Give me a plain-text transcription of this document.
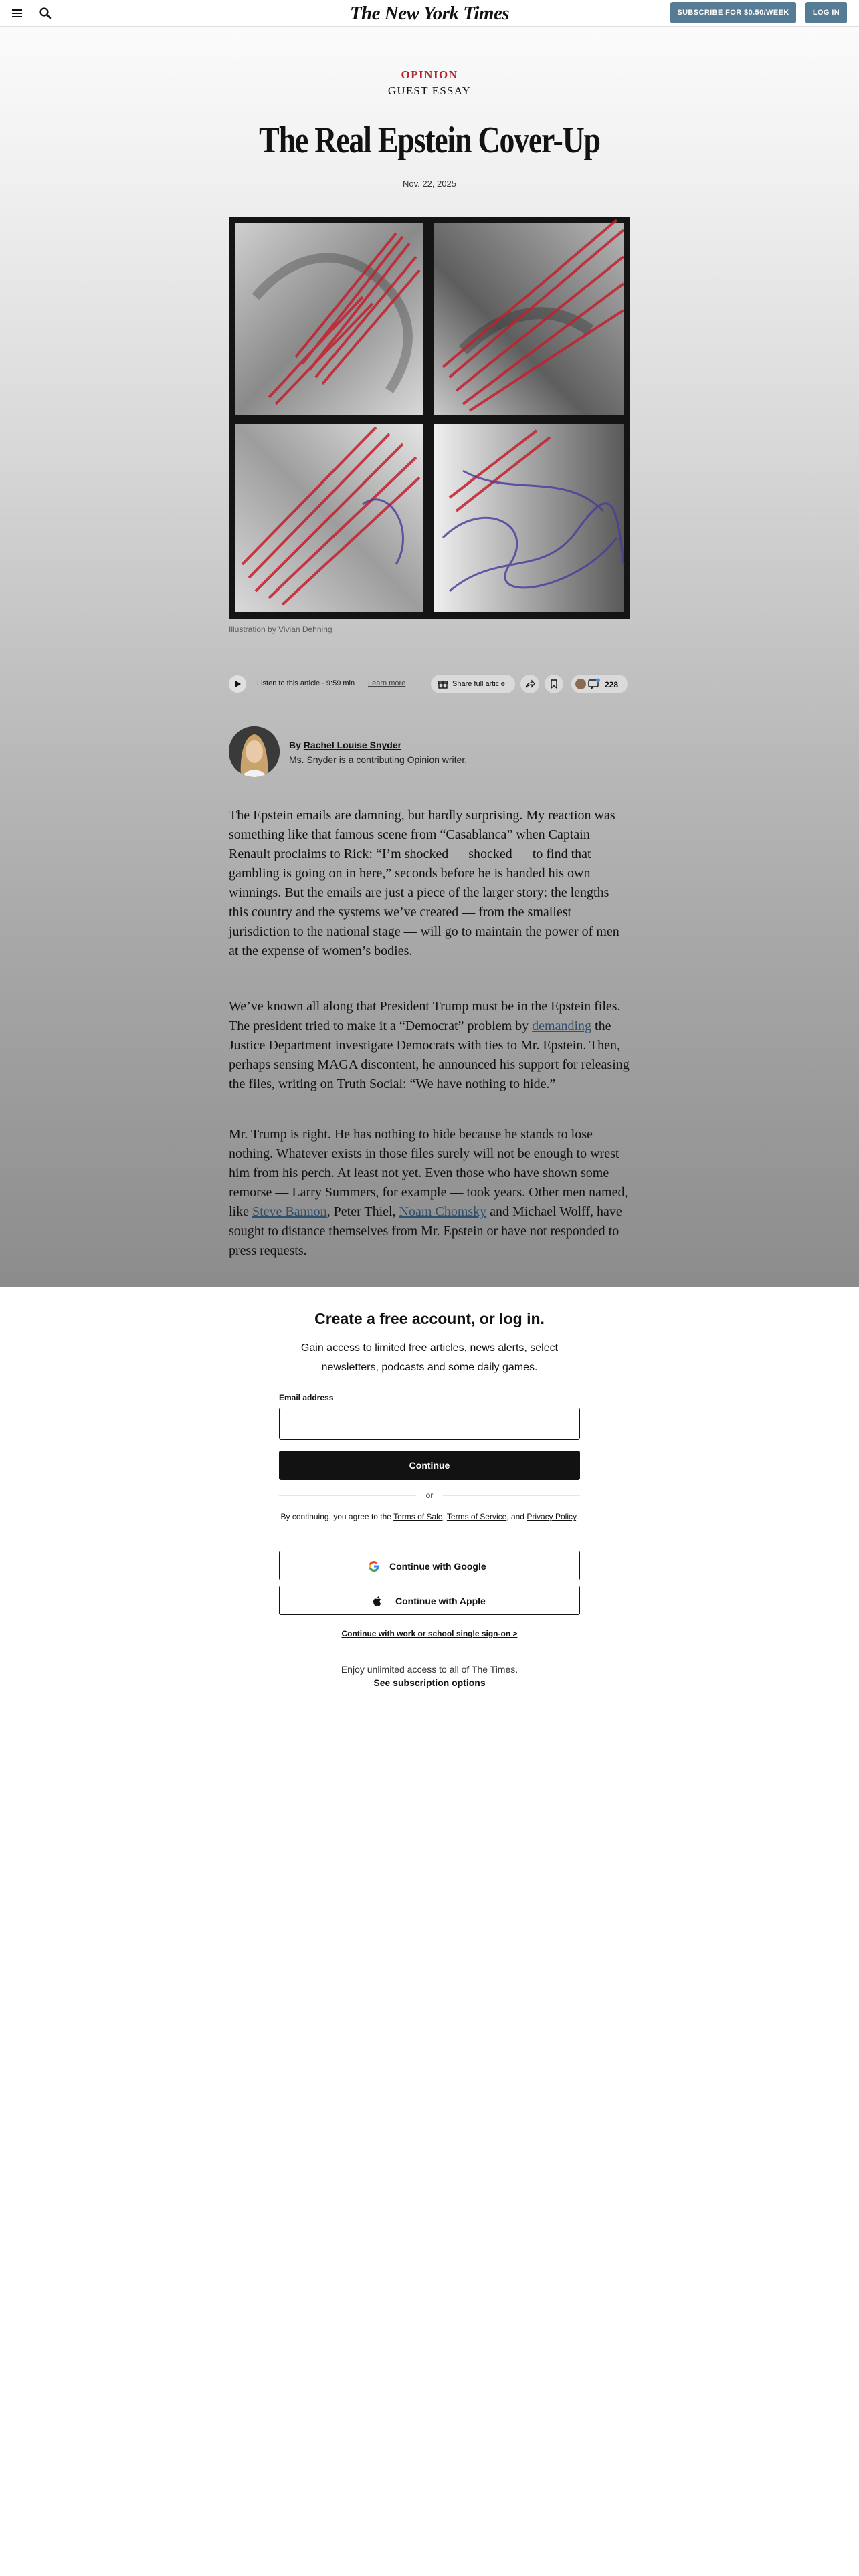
The New York Times	SUBSCRIBE FOR $0.50/WEEK	LOG IN
OPINION
GUEST ESSAY
The Real Epstein Cover-Up
Nov. 22, 2025
Illustration by Vivian Dehning
Listen to this article · 9:59 min Learn more	Share full article	228
By Rachel Louise Snyder
Ms. Snyder is a contributing Opinion writer.

The Epstein emails are damning, but hardly surprising. My reaction was something like that famous scene from “Casablanca” when Captain Renault proclaims to Rick: “I’m shocked — shocked — to find that gambling is going on in here,” seconds before he is handed his own winnings. But the emails are just a piece of the larger story: the lengths this country and the systems we’ve created — from the smallest jurisdiction to the national stage — will go to maintain the power of men at the expense of women’s bodies.

We’ve known all along that President Trump must be in the Epstein files. The president tried to make it a “Democrat” problem by demanding the Justice Department investigate Democrats with ties to Mr. Epstein. Then, perhaps sensing MAGA discontent, he announced his support for releasing the files, writing on Truth Social: “We have nothing to hide.”

Mr. Trump is right. He has nothing to hide because he stands to lose nothing. Whatever exists in those files surely will not be enough to wrest him from his perch. At least not yet. Even those who have shown some remorse — Larry Summers, for example — took years. Other men named, like Steve Bannon, Peter Thiel, Noam Chomsky and Michael Wolff, have sought to distance themselves from Mr. Epstein or have not responded to press requests.

Create a free account, or log in.

Gain access to limited free articles, news alerts, select newsletters, podcasts and some daily games.

Email address
Continue
or
By continuing, you agree to the Terms of Sale, Terms of Service, and Privacy Policy.
Continue with Google
Continue with Apple
Continue with work or school single sign-on >
Enjoy unlimited access to all of The Times.
See subscription options
